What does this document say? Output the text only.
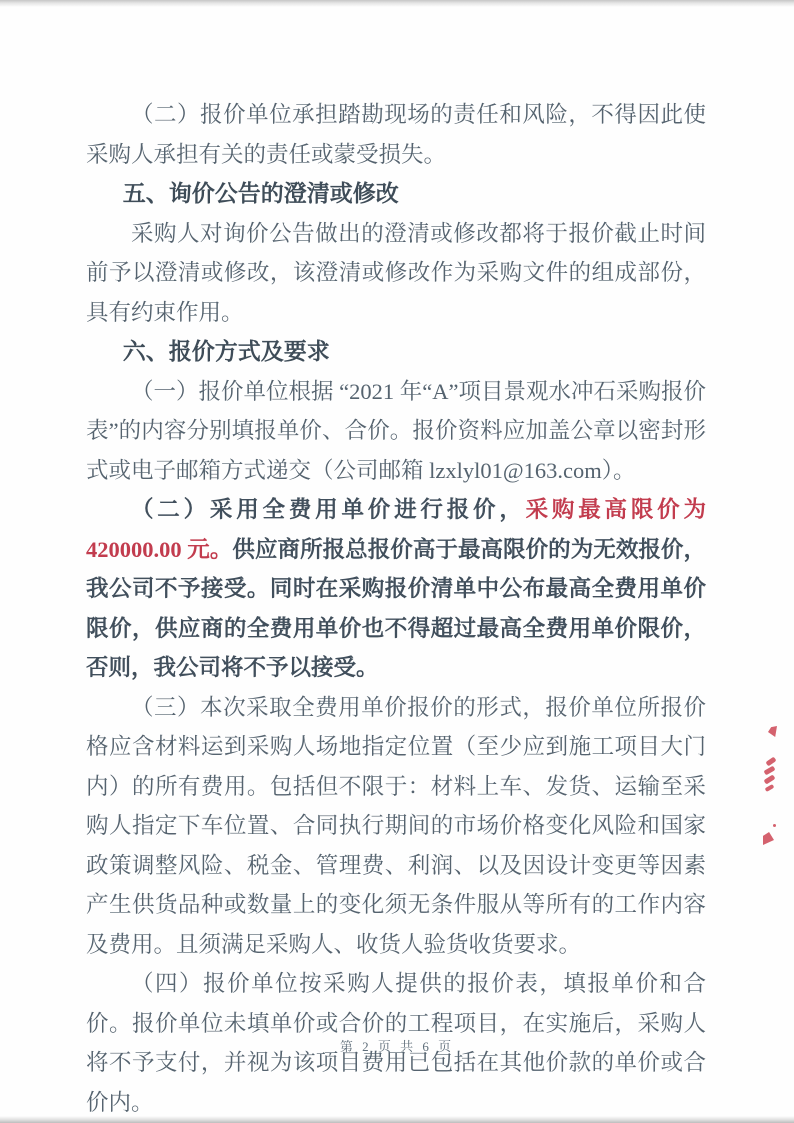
（二）报价单位承担踏勘现场的责任和风险，不得因此使采购人承担有关的责任或蒙受损失。

五、询价公告的澄清或修改

采购人对询价公告做出的澄清或修改都将于报价截止时间前予以澄清或修改，该澄清或修改作为采购文件的组成部份，具有约束作用。

六、报价方式及要求

（一）报价单位根据 “2021 年“A”项目景观水冲石采购报价表”的内容分别填报单价、合价。报价资料应加盖公章以密封形式或电子邮箱方式递交（公司邮箱 lzxlyl01@163.com）。

（二）采用全费用单价进行报价，采购最高限价为 420000.00 元。供应商所报总报价高于最高限价的为无效报价，我公司不予接受。同时在采购报价清单中公布最高全费用单价限价，供应商的全费用单价也不得超过最高全费用单价限价，否则，我公司将不予以接受。

（三）本次采取全费用单价报价的形式，报价单位所报价格应含材料运到采购人场地指定位置（至少应到施工项目大门内）的所有费用。包括但不限于：材料上车、发货、运输至采购人指定下车位置、合同执行期间的市场价格变化风险和国家政策调整风险、税金、管理费、利润、以及因设计变更等因素产生供货品种或数量上的变化须无条件服从等所有的工作内容及费用。且须满足采购人、收货人验货收货要求。

（四）报价单位按采购人提供的报价表，填报单价和合价。报价单位未填单价或合价的工程项目，在实施后，采购人将不予支付，并视为该项目费用已包括在其他价款的单价或合价内。

第 2 页 共 6 页
